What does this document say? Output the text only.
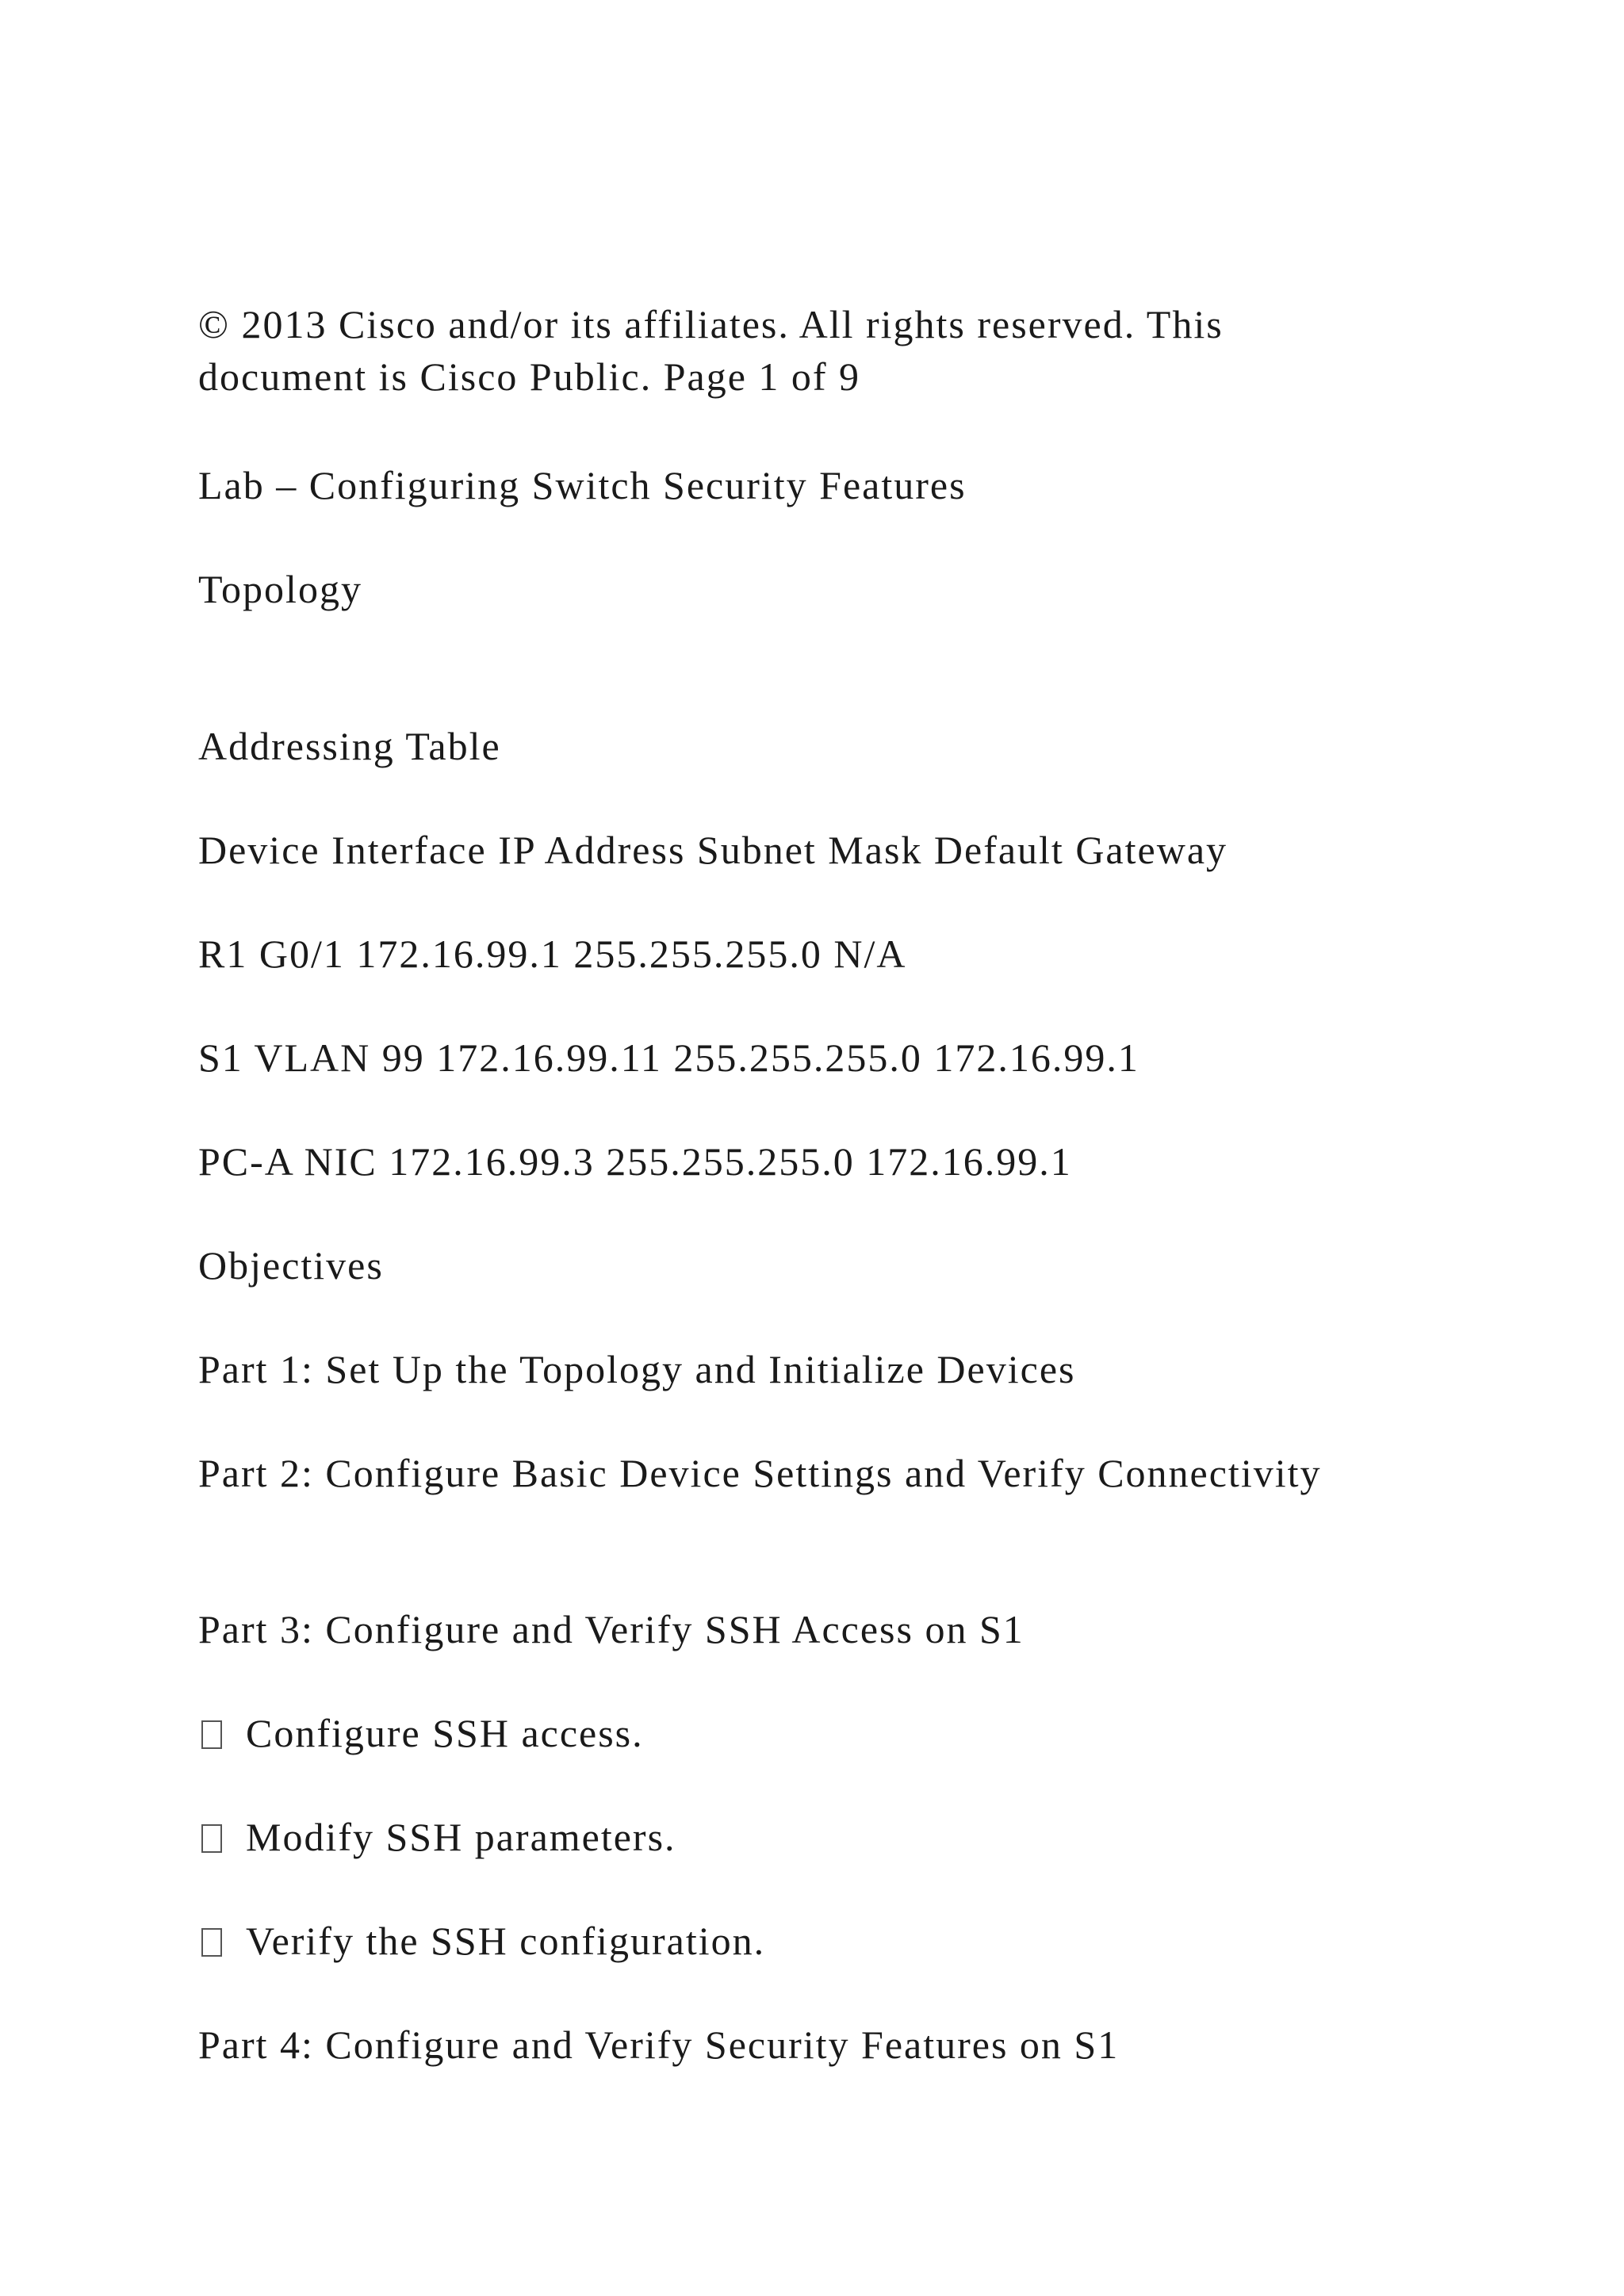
© 2013 Cisco and/or its affiliates. All rights reserved. This document is Cisco Public. Page 1 of 9

Lab – Configuring Switch Security Features

Topology

Addressing Table

Device Interface IP Address Subnet Mask Default Gateway

R1 G0/1 172.16.99.1 255.255.255.0 N/A

S1 VLAN 99 172.16.99.11 255.255.255.0 172.16.99.1

PC-A NIC 172.16.99.3 255.255.255.0 172.16.99.1

Objectives

Part 1: Set Up the Topology and Initialize Devices

Part 2: Configure Basic Device Settings and Verify Connectivity

Part 3: Configure and Verify SSH Access on S1

Configure SSH access.

Modify SSH parameters.

Verify the SSH configuration.

Part 4: Configure and Verify Security Features on S1
